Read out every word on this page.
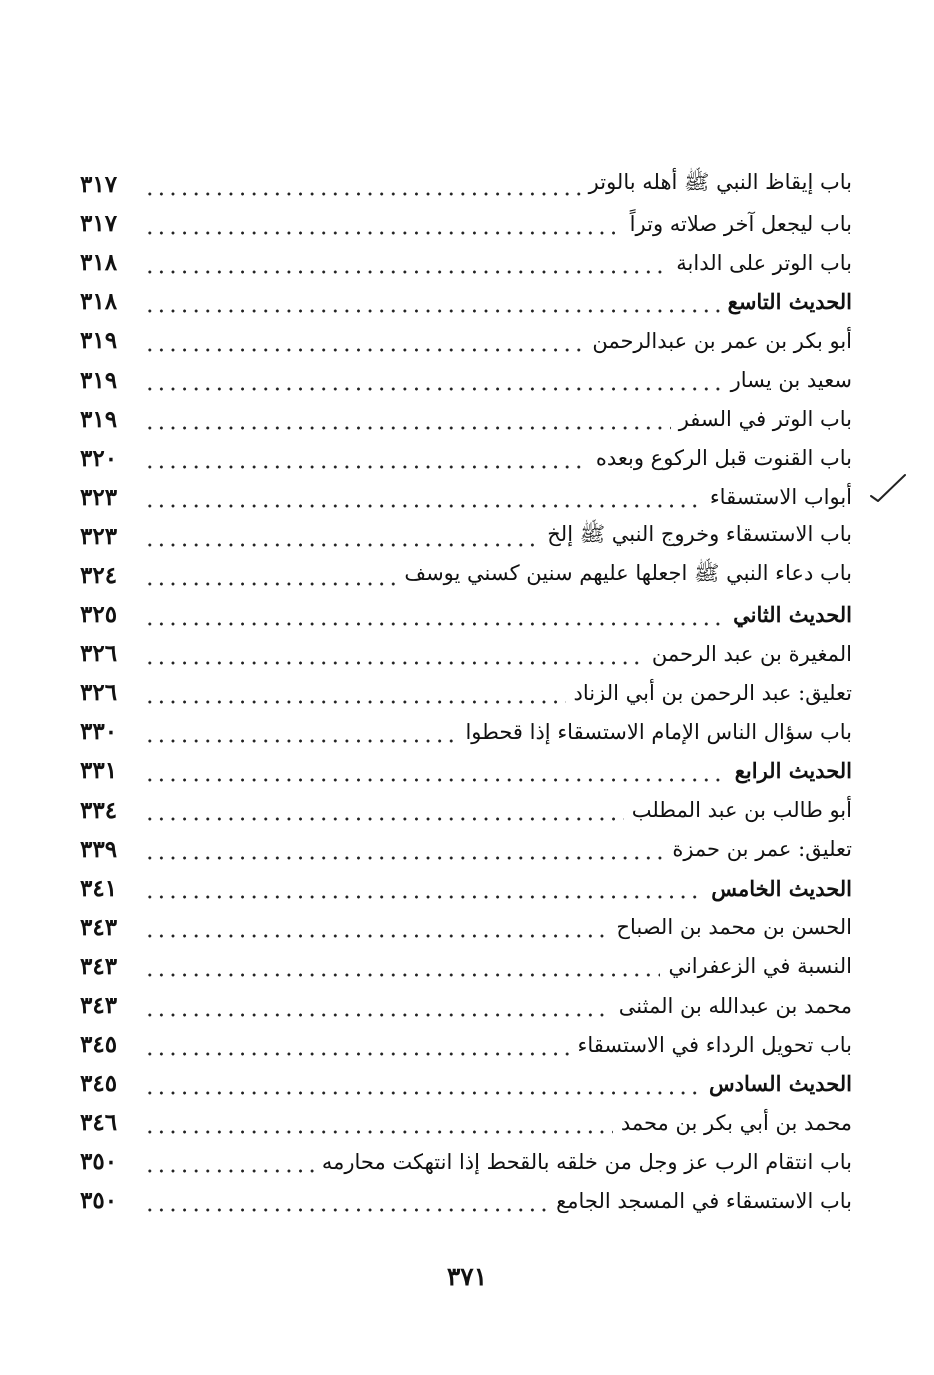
٣١٧	باب إيقاظ النبي ﷺ أهله بالوتر
٣١٧	باب ليجعل آخر صلاته وتراً
٣١٨	باب الوتر على الدابة
٣١٨	الحديث التاسع
٣١٩	أبو بكر بن عمر بن عبدالرحمن
٣١٩	سعيد بن يسار
٣١٩	باب الوتر في السفر
٣٢٠	باب القنوت قبل الركوع وبعده
٣٢٣	أبواب الاستسقاء
٣٢٣	باب الاستسقاء وخروج النبي ﷺ إلخ
٣٢٤	باب دعاء النبي ﷺ اجعلها عليهم سنين كسني يوسف
٣٢٥	الحديث الثاني
٣٢٦	المغيرة بن عبد الرحمن
٣٢٦	تعليق: عبد الرحمن بن أبي الزناد
٣٣٠	باب سؤال الناس الإمام الاستسقاء إذا قحطوا
٣٣١	الحديث الرابع
٣٣٤	أبو طالب بن عبد المطلب
٣٣٩	تعليق: عمر بن حمزة
٣٤١	الحديث الخامس
٣٤٣	الحسن بن محمد بن الصباح
٣٤٣	النسبة في الزعفراني
٣٤٣	محمد بن عبدالله بن المثنى
٣٤٥	باب تحويل الرداء في الاستسقاء
٣٤٥	الحديث السادس
٣٤٦	محمد بن أبي بكر بن محمد
٣٥٠	باب انتقام الرب عز وجل من خلقه بالقحط إذا انتهكت محارمه
٣٥٠	باب الاستسقاء في المسجد الجامع
٣٧١
